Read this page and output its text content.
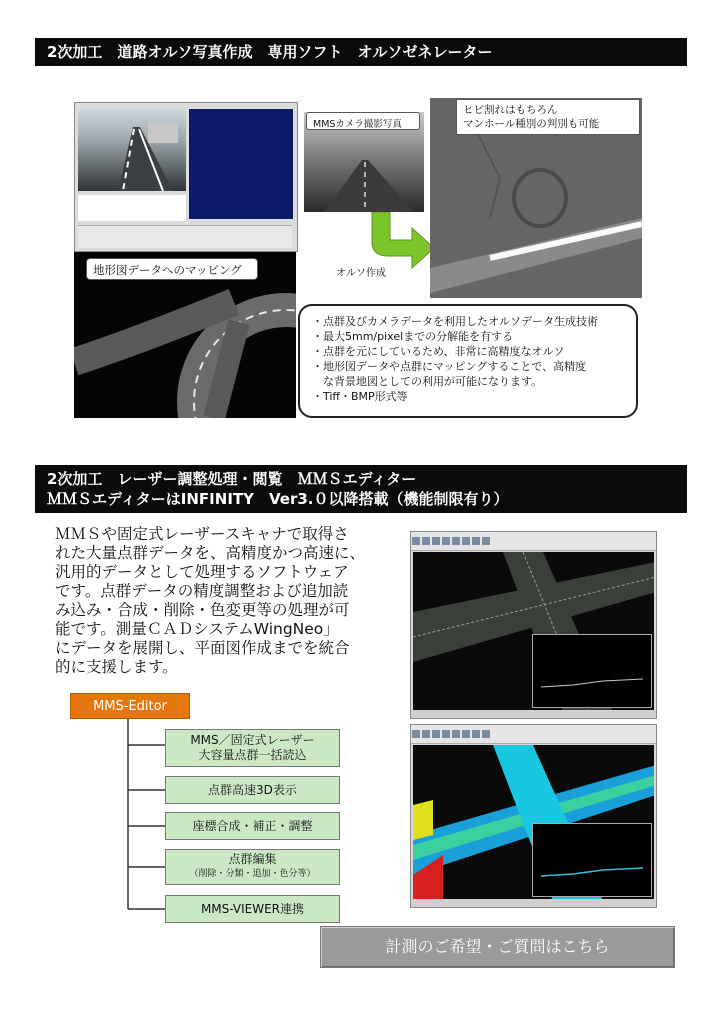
2次加工　道路オルソ写真作成　専用ソフト　オルソゼネレーター
地形図データへのマッピング
MMSカメラ撮影写真
オルソ作成
ヒビ割れはもちろん
マンホール種別の判別も可能
・点群及びカメラデータを利用したオルソデータ生成技術
・最大5mm/pixelまでの分解能を有する
・点群を元にしているため、非常に高精度なオルソ
・地形図データや点群にマッピングすることで、高精度
　な背景地図としての利用が可能になります。
・Tiff・BMP形式等
2次加工　レーザー調整処理・閲覧　ＭＭＳエディター
ＭＭＳエディターはINFINITY　Ver3.０以降搭載（機能制限有り）
ＭＭＳや固定式レーザースキャナで取得さ
れた大量点群データを、高精度かつ高速に、
汎用的データとして処理するソフトウェア
です。点群データの精度調整および追加読
み込み・合成・削除・色変更等の処理が可
能です。測量ＣＡＤシステムWingNeo」
にデータを展開し、平面図作成までを統合
的に支援します。
MMS-Editor
MMS／固定式レーザー
大容量点群一括読込
点群高速3D表示
座標合成・補正・調整
点群編集
（削除・分類・追加・色分等）
MMS-VIEWER連携
計測のご希望・ご質問はこちら
